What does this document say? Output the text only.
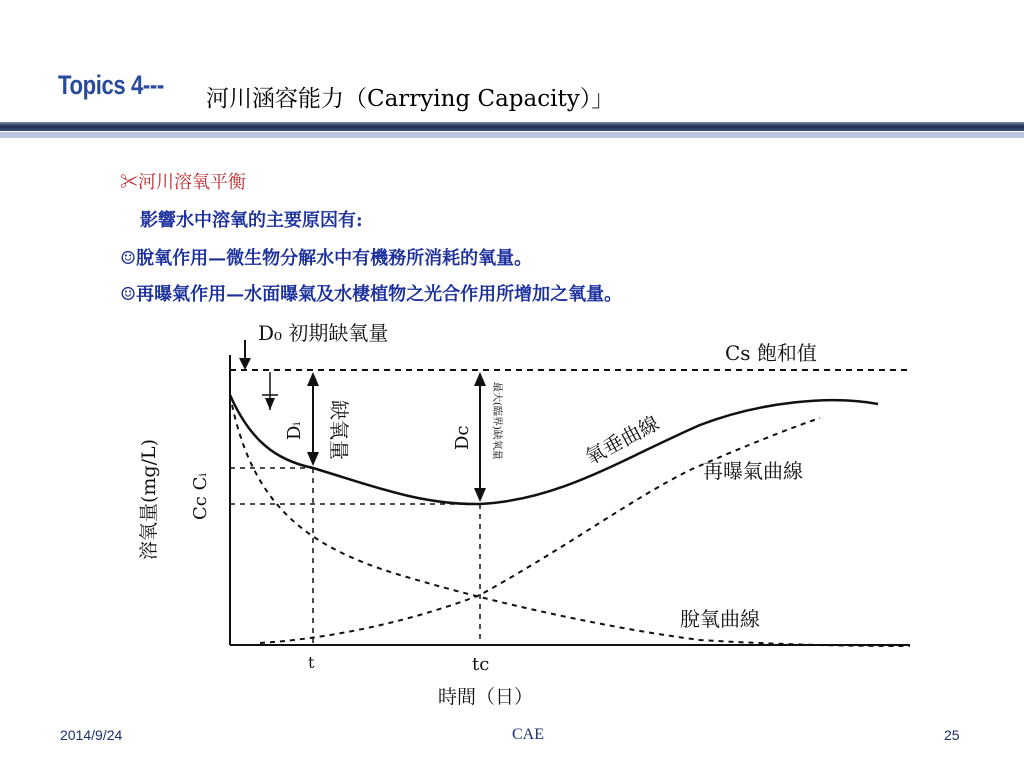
Topics 4--- 河川涵容能力（Carrying Capacity）」
✂河川溶氧平衡
影響水中溶氧的主要原因有:
☺脫氧作用—微生物分解水中有機務所消耗的氧量。
☺再曝氣作用—水面曝氣及水棲植物之光合作用所增加之氧量。
D₀ 初期缺氧量
Cs 飽和值
Dᵢ 缺氧量	Dc 最大(臨界)缺氧量	氧垂曲線
再曝氣曲線
脫氧曲線
溶氧量(mg/L) Cc Cᵢ
t	tc
時間（日）
2014/9/24	CAE	25
